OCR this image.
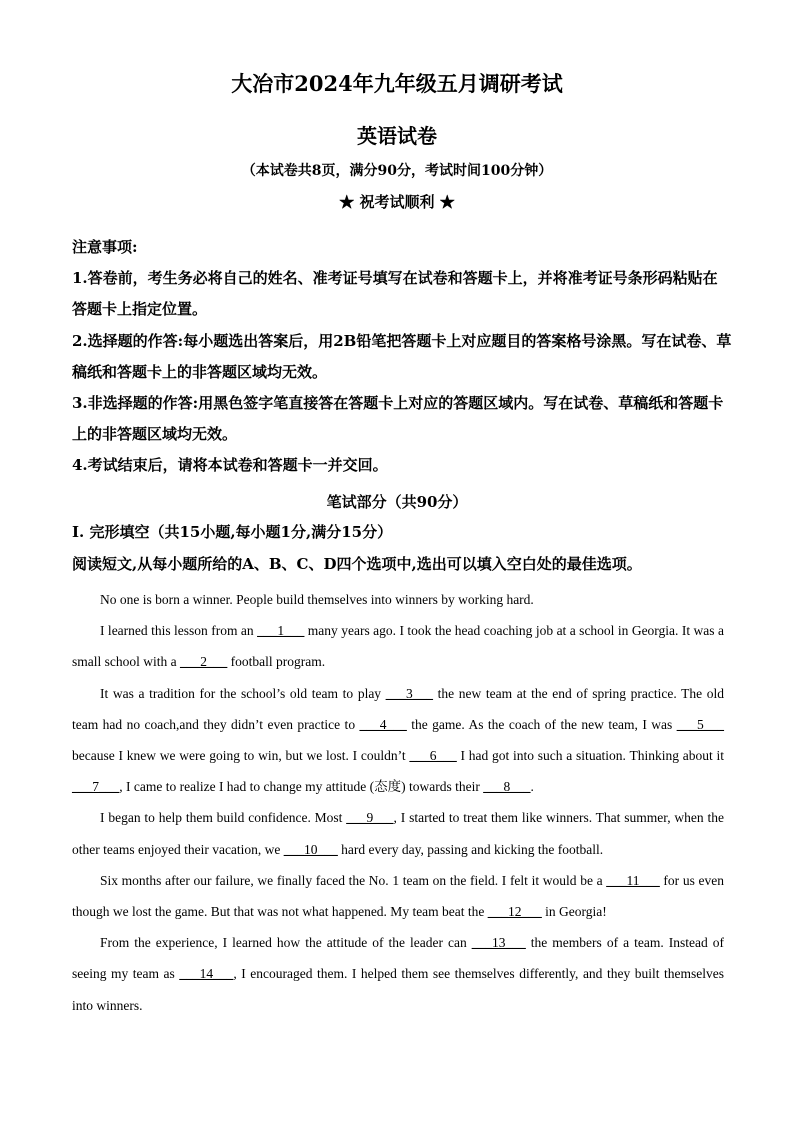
大冶市2024年九年级五月调研考试
英语试卷
（本试卷共8页，满分90分，考试时间100分钟）
★ 祝考试顺利 ★

注意事项:

1.答卷前，考生务必将自己的姓名、准考证号填写在试卷和答题卡上，并将准考证号条形码粘贴在答题卡上指定位置。

2.选择题的作答:每小题选出答案后，用2B铅笔把答题卡上对应题目的答案格号涂黑。写在试卷、草稿纸和答题卡上的非答题区域均无效。

3.非选择题的作答:用黑色签字笔直接答在答题卡上对应的答题区域内。写在试卷、草稿纸和答题卡上的非答题区域均无效。

4.考试结束后，请将本试卷和答题卡一并交回。

笔试部分（共90分）
I. 完形填空（共15小题,每小题1分,满分15分）
阅读短文,从每小题所给的A、B、C、D四个选项中,选出可以填入空白处的最佳选项。

No one is born a winner. People build themselves into winners by working hard.

I learned this lesson from an ___1___ many years ago. I took the head coaching job at a school in Georgia. It was a small school with a ___2___ football program.

It was a tradition for the school’s old team to play ___3___ the new team at the end of spring practice. The old team had no coach,and they didn’t even practice to ___4___ the game. As the coach of the new team, I was ___5___ because I knew we were going to win, but we lost. I couldn’t ___6___ I had got into such a situation. Thinking about it ___7___, I came to realize I had to change my attitude (态度) towards their ___8___.

I began to help them build confidence. Most ___9___, I started to treat them like winners. That summer, when the other teams enjoyed their vacation, we ___10___ hard every day, passing and kicking the football.

Six months after our failure, we finally faced the No. 1 team on the field. I felt it would be a ___11___ for us even though we lost the game. But that was not what happened. My team beat the ___12___ in Georgia!

From the experience, I learned how the attitude of the leader can ___13___ the members of a team. Instead of seeing my team as ___14___, I encouraged them. I helped them see themselves differently, and they built themselves into winners.
